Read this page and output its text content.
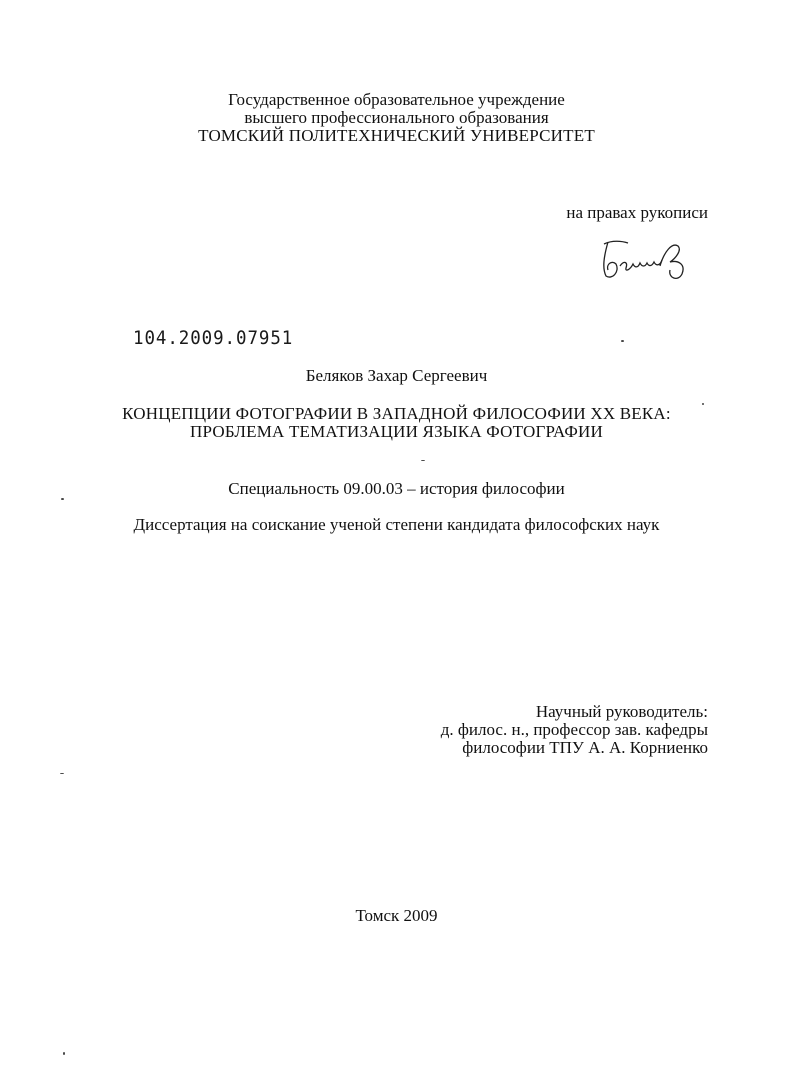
Государственное образовательное учреждение
высшего профессионального образования
ТОМСКИЙ ПОЛИТЕХНИЧЕСКИЙ УНИВЕРСИТЕТ
на правах рукописи
104.2009.07951
Беляков Захар Сергеевич
КОНЦЕПЦИИ ФОТОГРАФИИ В ЗАПАДНОЙ ФИЛОСОФИИ ХХ ВЕКА:
ПРОБЛЕМА ТЕМАТИЗАЦИИ ЯЗЫКА ФОТОГРАФИИ
Специальность 09.00.03 – история философии
Диссертация на соискание ученой степени кандидата философских наук
Научный руководитель:
д. филос. н., профессор зав. кафедры
философии ТПУ А. А. Корниенко
Томск 2009
